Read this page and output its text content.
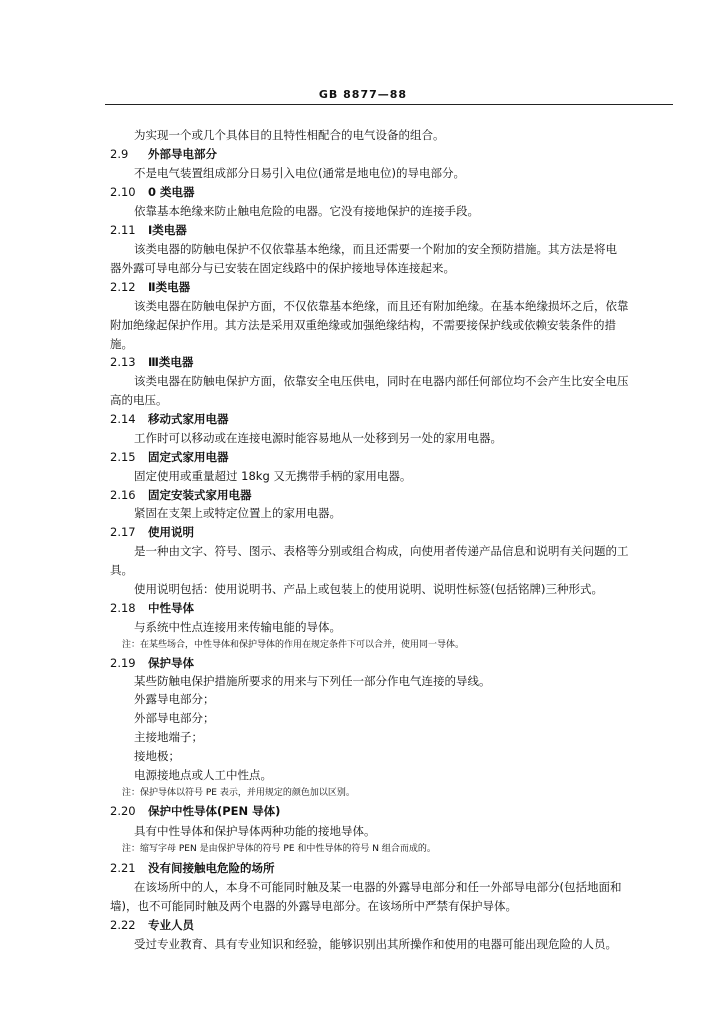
GB 8877—88
为实现一个或几个具体目的且特性相配合的电气设备的组合。
2.9 外部导电部分
不是电气装置组成部分日易引入电位(通常是地电位)的导电部分。
2.10 0 类电器
依靠基本绝缘来防止触电危险的电器。它没有接地保护的连接手段。
2.11 Ⅰ类电器
该类电器的防触电保护不仅依靠基本绝缘，而且还需要一个附加的安全预防措施。其方法是将电
器外露可导电部分与已安装在固定线路中的保护接地导体连接起来。
2.12 Ⅱ类电器
该类电器在防触电保护方面，不仅依靠基本绝缘，而且还有附加绝缘。在基本绝缘损坏之后，依靠
附加绝缘起保护作用。其方法是采用双重绝缘或加强绝缘结构，不需要接保护线或依赖安装条件的措
施。
2.13 Ⅲ类电器
该类电器在防触电保护方面，依靠安全电压供电，同时在电器内部任何部位均不会产生比安全电压
高的电压。
2.14 移动式家用电器
工作时可以移动或在连接电源时能容易地从一处移到另一处的家用电器。
2.15 固定式家用电器
固定使用或重量超过 18kg 又无携带手柄的家用电器。
2.16 固定安装式家用电器
紧固在支架上或特定位置上的家用电器。
2.17 使用说明
是一种由文字、符号、图示、表格等分别或组合构成，向使用者传递产品信息和说明有关问题的工
具。
使用说明包括：使用说明书、产品上或包装上的使用说明、说明性标签(包括铭牌)三种形式。
2.18 中性导体
与系统中性点连接用来传输电能的导体。
注：在某些场合，中性导体和保护导体的作用在规定条件下可以合并，使用同一导体。
2.19 保护导体
某些防触电保护措施所要求的用来与下列任一部分作电气连接的导线。
外露导电部分；
外部导电部分；
主接地端子；
接地极；
电源接地点或人工中性点。
注：保护导体以符号 PE 表示，并用规定的颜色加以区别。
2.20 保护中性导体(PEN 导体)
具有中性导体和保护导体两种功能的接地导体。
注：缩写字母 PEN 是由保护导体的符号 PE 和中性导体的符号 N 组合而成的。
2.21 没有间接触电危险的场所
在该场所中的人，本身不可能同时触及某一电器的外露导电部分和任一外部导电部分(包括地面和
墙)，也不可能同时触及两个电器的外露导电部分。在该场所中严禁有保护导体。
2.22 专业人员
受过专业教育、具有专业知识和经验，能够识别出其所操作和使用的电器可能出现危险的人员。
